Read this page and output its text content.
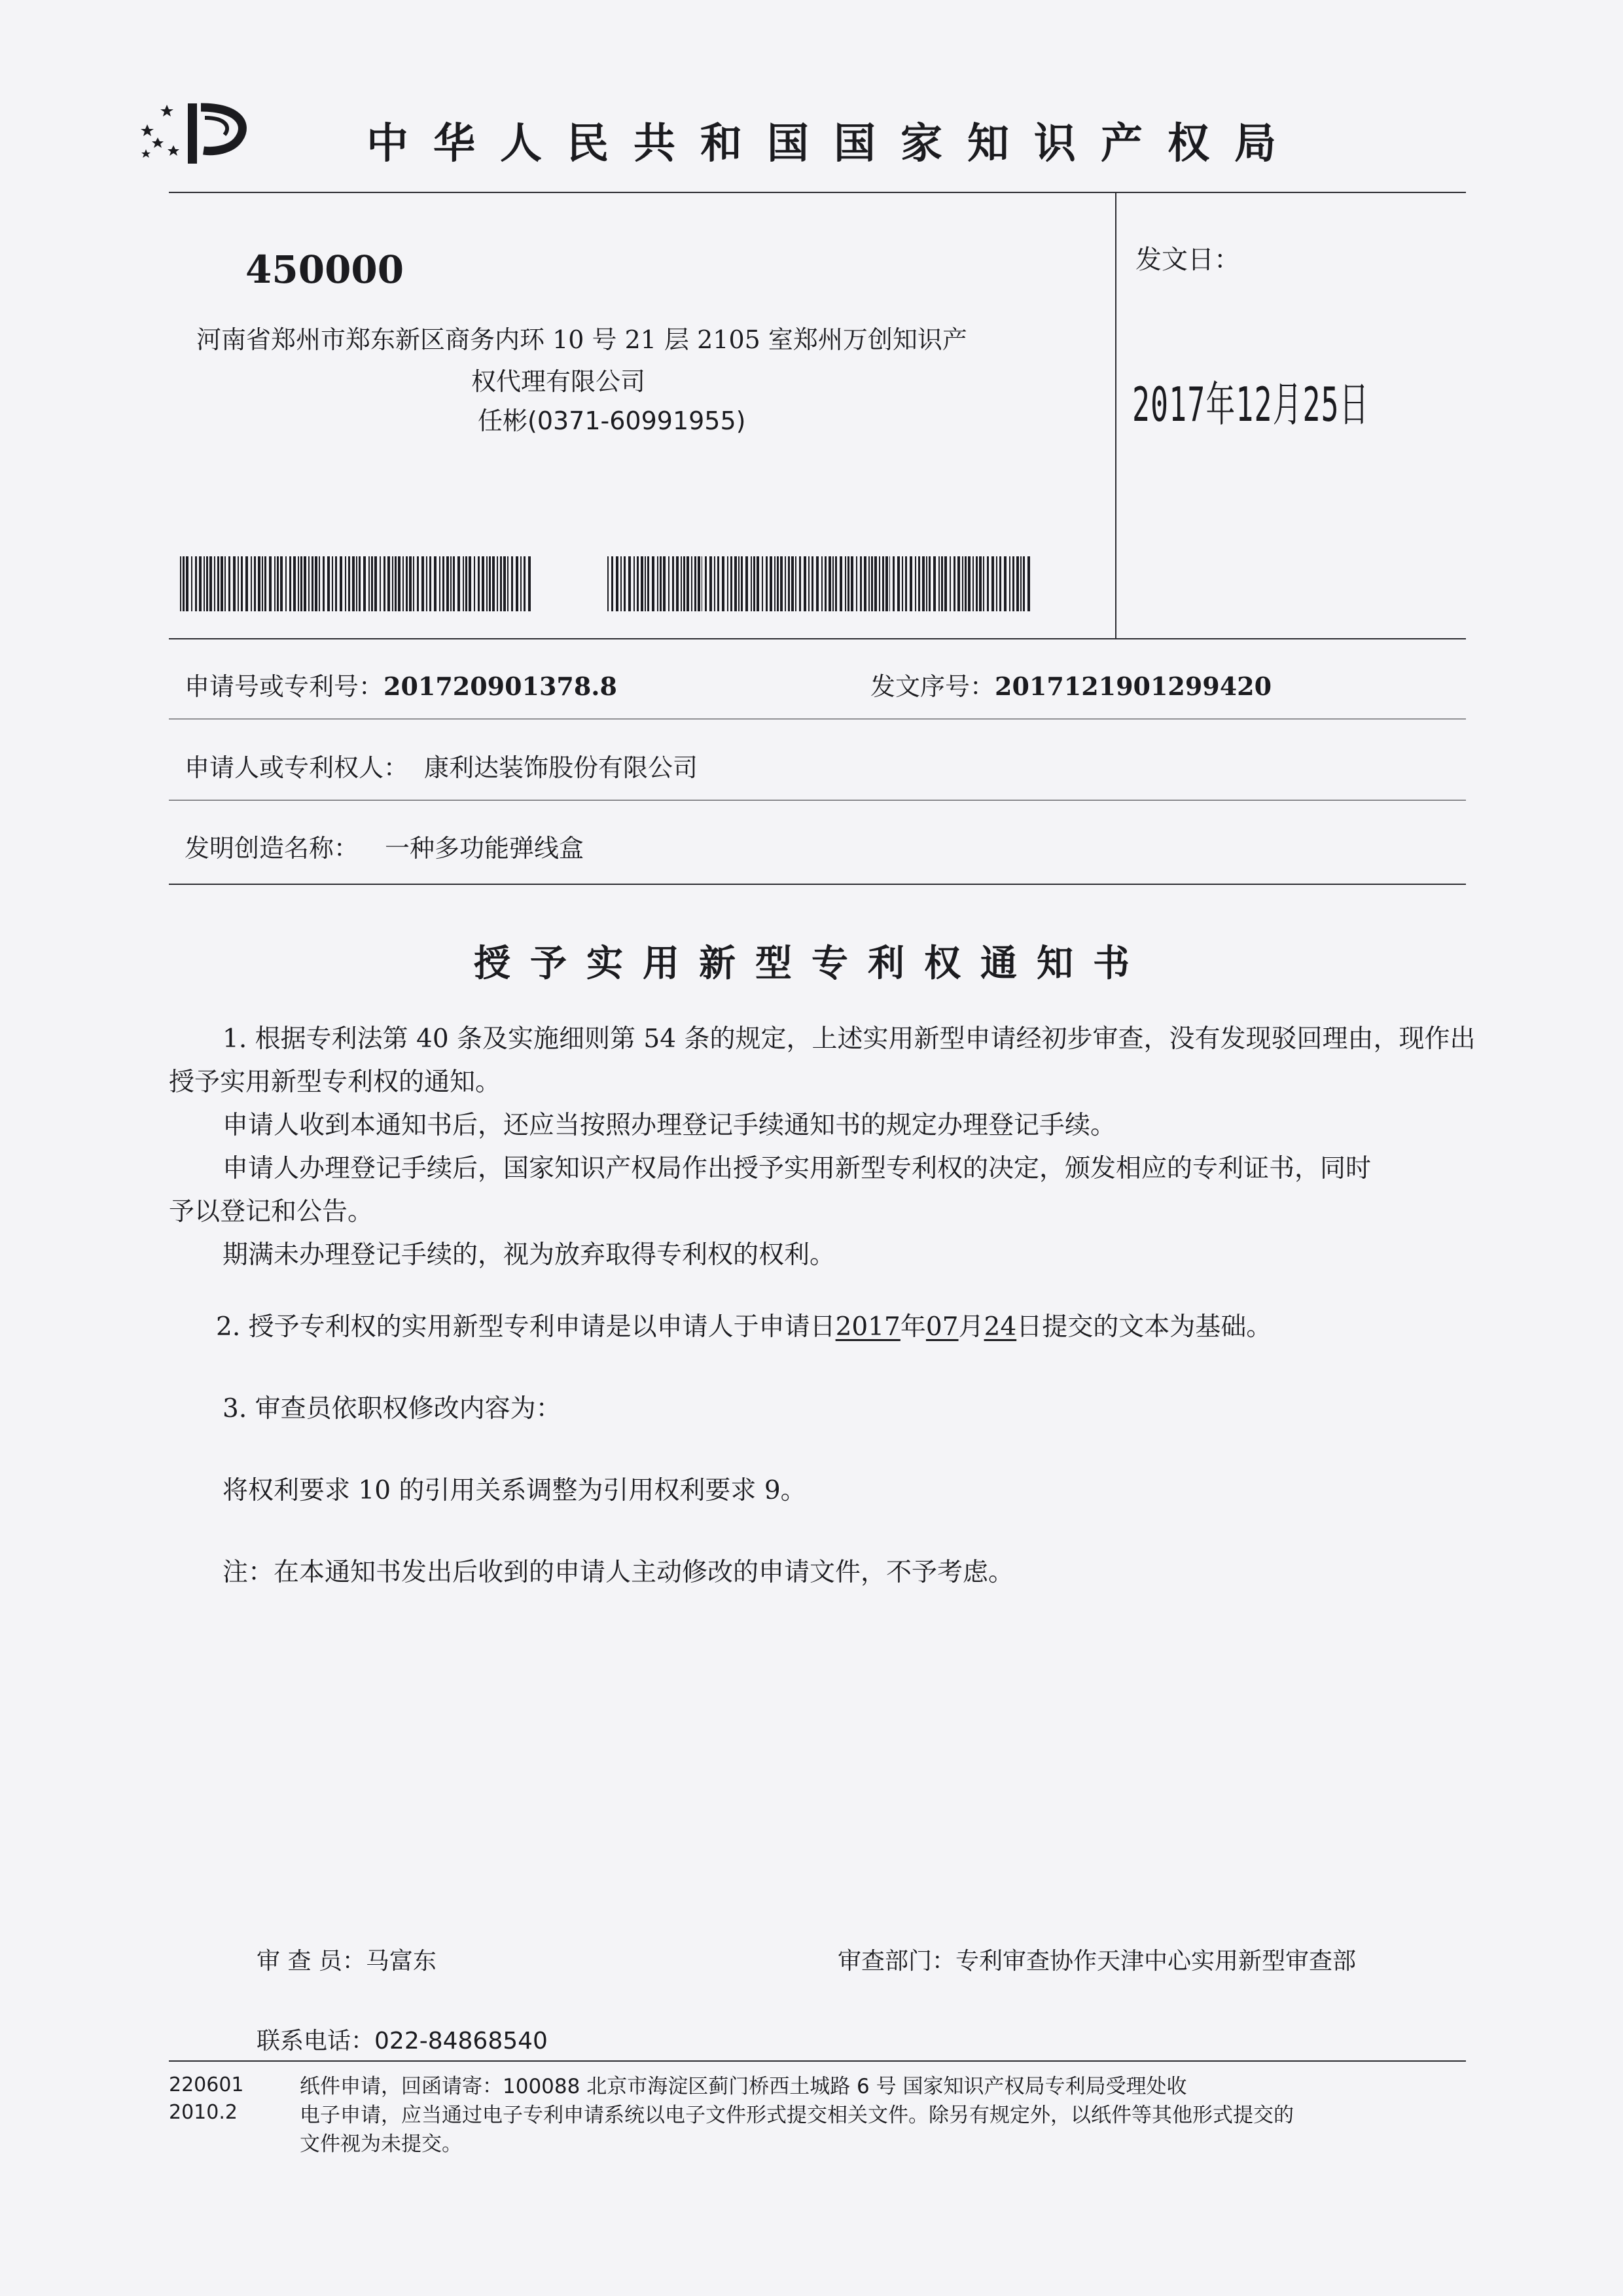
中华人民共和国国家知识产权局
450000
河南省郑州市郑东新区商务内环 10 号 21 层 2105 室郑州万创知识产
权代理有限公司
任彬(0371-60991955)
发文日：
2017年12月25日
申请号或专利号：201720901378.8	发文序号：2017121901299420
申请人或专利权人： 康利达装饰股份有限公司
发明创造名称： 一种多功能弹线盒
授予实用新型专利权通知书
1. 根据专利法第 40 条及实施细则第 54 条的规定，上述实用新型申请经初步审查，没有发现驳回理由，现作出
授予实用新型专利权的通知。
申请人收到本通知书后，还应当按照办理登记手续通知书的规定办理登记手续。
申请人办理登记手续后，国家知识产权局作出授予实用新型专利权的决定，颁发相应的专利证书，同时
予以登记和公告。
期满未办理登记手续的，视为放弃取得专利权的权利。
2. 授予专利权的实用新型专利申请是以申请人于申请日2017年07月24日提交的文本为基础。
3. 审查员依职权修改内容为：
将权利要求 10 的引用关系调整为引用权利要求 9。
注：在本通知书发出后收到的申请人主动修改的申请文件，不予考虑。
审 查 员：马富东	审查部门：专利审查协作天津中心实用新型审查部
联系电话：022-84868540
220601
2010.2
纸件申请，回函请寄：100088 北京市海淀区蓟门桥西土城路 6 号 国家知识产权局专利局受理处收
电子申请，应当通过电子专利申请系统以电子文件形式提交相关文件。除另有规定外，以纸件等其他形式提交的
文件视为未提交。
